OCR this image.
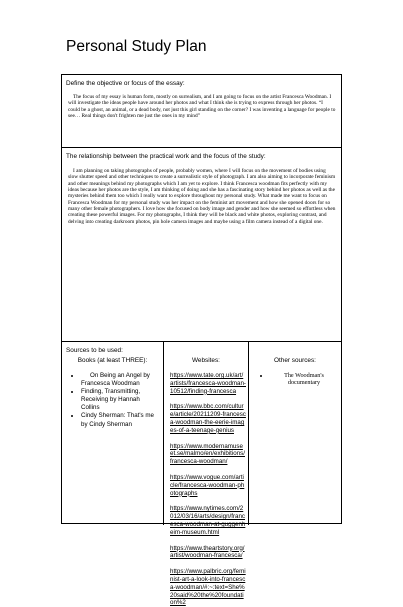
Personal Study Plan
Define the objective or focus of the essay:

The focus of my essay is human form, mostly on surrealism, and I am going to focus on the artist Francesca Woodman. I will investigate the ideas people have around her photos and what I think she is trying to express through her photos. “I could be a ghost, an animal, or a dead body, not just this girl standing on the corner? I was inventing a language for people to see… Real things don't frighten me just the ones in my mind”

The relationship between the practical work and the focus of the study:

I am planning on taking photographs of people, probably women, where I will focus on the movement of bodies using slow shutter speed and other techniques to create a surrealistic style of photograph. I am also aiming to incorporate feminism and other meanings behind my photographs which I am yet to explore. I think Francesca woodman fits perfectly with my ideas because her photos are the style, I am thinking of doing and she has a fascinating story behind her photos as well as the mysteries behind them too which I really want to explore throughout my personal study. What made me want to focus on Francesca Woodman for my personal study was her impact on the feminist art movement and how she opened doors for so many other female photographers. I love how she focused on body image and gender and how she seemed so effortless when creating these powerful images. For my photographs, I think they will be black and white photos, exploring contrast, and delving into creating darkroom photos, pin hole camera images and maybe using a film camera instead of a digital one.

Sources to be used:
Books (at least THREE):
• On Being an Angel by Francesca Woodman
• Finding, Transmitting, Receiving by Hannah Collins
• Cindy Sherman: That's me by Cindy Sherman
Websites:
https://www.tate.org.uk/art/artists/francesca-woodman-10512/finding-francesca
https://www.bbc.com/culture/article/20211209-francesca-woodman-the-eerie-images-of-a-teenage-genius
https://www.modernamuseet.se/malmo/en/exhibitions/francesca-woodman/
https://www.vogue.com/article/francesca-woodman-photographs
https://www.nytimes.com/2012/03/16/arts/design/francesca-woodman-at-guggenheim-museum.html
https://www.theartstory.org/artist/woodman-francesca/
https://www.palbric.org/feminist-art-a-look-into-francesca-woodman/#:~:text=She%20said%20the%20foundation%2
Other sources:
• The Woodman's documentary
